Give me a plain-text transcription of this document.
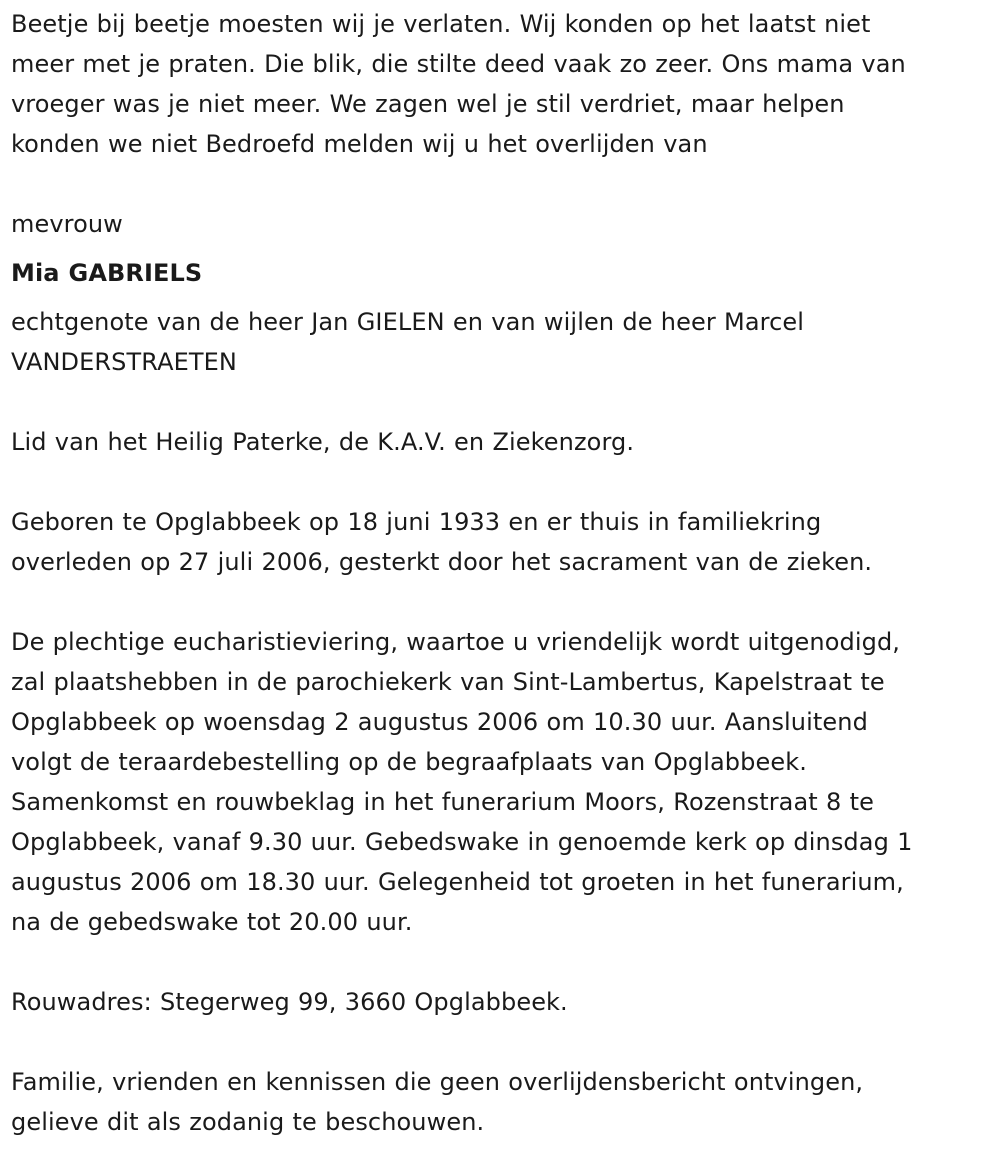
Beetje bij beetje moesten wij je verlaten. Wij konden op het laatst niet
meer met je praten. Die blik, die stilte deed vaak zo zeer. Ons mama van
vroeger was je niet meer. We zagen wel je stil verdriet, maar helpen
konden we niet Bedroefd melden wij u het overlijden van

mevrouw

Mia GABRIELS

echtgenote van de heer Jan GIELEN en van wijlen de heer Marcel
VANDERSTRAETEN

Lid van het Heilig Paterke, de K.A.V. en Ziekenzorg.

Geboren te Opglabbeek op 18 juni 1933 en er thuis in familiekring
overleden op 27 juli 2006, gesterkt door het sacrament van de zieken.

De plechtige eucharistieviering, waartoe u vriendelijk wordt uitgenodigd,
zal plaatshebben in de parochiekerk van Sint-Lambertus, Kapelstraat te
Opglabbeek op woensdag 2 augustus 2006 om 10.30 uur. Aansluitend
volgt de teraardebestelling op de begraafplaats van Opglabbeek.
Samenkomst en rouwbeklag in het funerarium Moors, Rozenstraat 8 te
Opglabbeek, vanaf 9.30 uur. Gebedswake in genoemde kerk op dinsdag 1
augustus 2006 om 18.30 uur. Gelegenheid tot groeten in het funerarium,
na de gebedswake tot 20.00 uur.

Rouwadres: Stegerweg 99, 3660 Opglabbeek.

Familie, vrienden en kennissen die geen overlijdensbericht ontvingen,
gelieve dit als zodanig te beschouwen.
